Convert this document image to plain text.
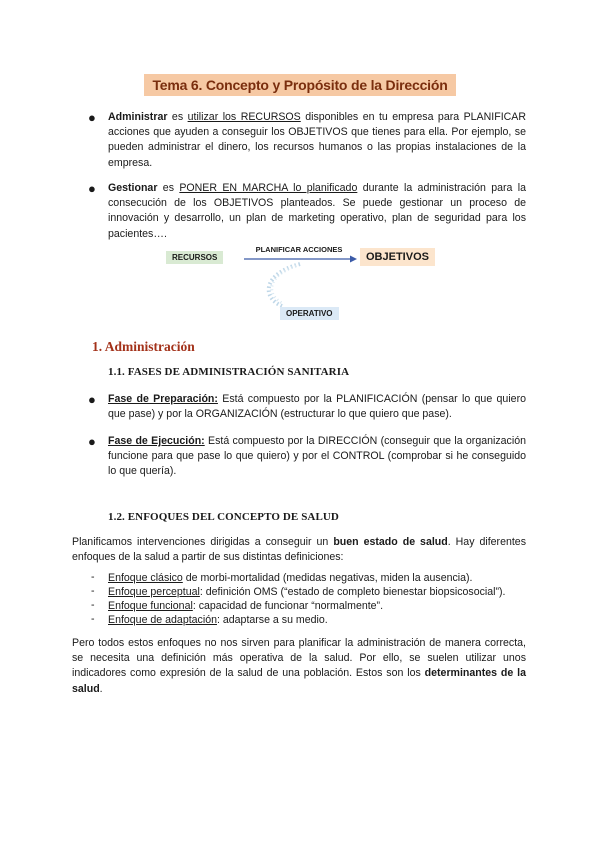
Tema 6. Concepto y Propósito de la Dirección
● Administrar es utilizar los RECURSOS disponibles en tu empresa para PLANIFICAR acciones que ayuden a conseguir los OBJETIVOS que tienes para ella. Por ejemplo, se pueden administrar el dinero, los recursos humanos o las propias instalaciones de la empresa.
● Gestionar es PONER EN MARCHA lo planificado durante la administración para la consecución de los OBJETIVOS planteados. Se puede gestionar un proceso de innovación y desarrollo, un plan de marketing operativo, plan de seguridad para los pacientes….
RECURSOS
PLANIFICAR ACCIONES
OBJETIVOS
OPERATIVO
1. Administración
1.1. FASES DE ADMINISTRACIÓN SANITARIA
● Fase de Preparación: Está compuesto por la PLANIFICACIÓN (pensar lo que quiero que pase) y por la ORGANIZACIÓN (estructurar lo que quiero que pase).
● Fase de Ejecución: Está compuesto por la DIRECCIÓN (conseguir que la organización funcione para que pase lo que quiero) y por el CONTROL (comprobar si he conseguido lo que quería).
1.2. ENFOQUES DEL CONCEPTO DE SALUD
Planificamos intervenciones dirigidas a conseguir un buen estado de salud. Hay diferentes enfoques de la salud a partir de sus distintas definiciones:
- Enfoque clásico de morbi-mortalidad (medidas negativas, miden la ausencia).
- Enfoque perceptual: definición OMS (“estado de completo bienestar biopsicosocial”).
- Enfoque funcional: capacidad de funcionar “normalmente”.
- Enfoque de adaptación: adaptarse a su medio.
Pero todos estos enfoques no nos sirven para planificar la administración de manera correcta, se necesita una definición más operativa de la salud. Por ello, se suelen utilizar unos indicadores como expresión de la salud de una población. Estos son los determinantes de la salud.
